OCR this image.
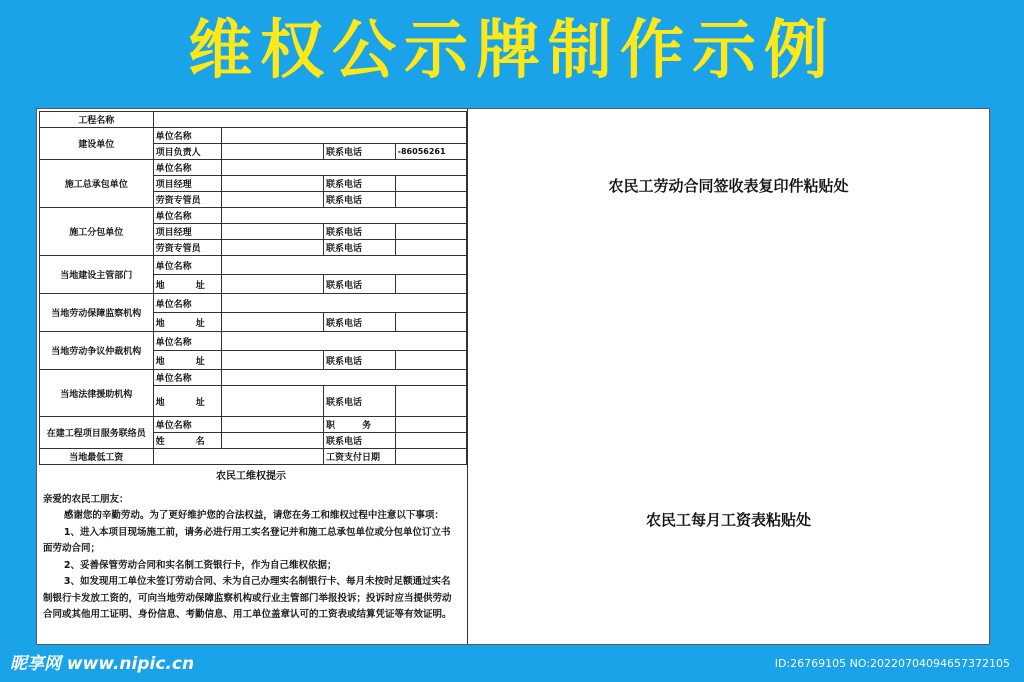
维权公示牌制作示例
工程名称				
建设单位	单位名称			
	项目负责人		联系电话	-86056261
施工总承包单位	单位名称			
	项目经理		联系电话	
	劳资专管员		联系电话	
施工分包单位	单位名称			
	项目经理		联系电话	
	劳资专管员		联系电话	
当地建设主管部门	单位名称			
	地 址		联系电话	
当地劳动保障监察机构	单位名称			
	地 址		联系电话	
当地劳动争议仲裁机构	单位名称			
	地 址		联系电话	
当地法律援助机构	单位名称			
	地 址		联系电话	
在建工程项目服务联络员	单位名称		职 务	
	姓 名		联系电话	
当地最低工资			工资支付日期	
农民工维权提示

亲爱的农民工朋友：

感谢您的辛勤劳动。为了更好维护您的合法权益，请您在务工和维权过程中注意以下事项：

1、进入本项目现场施工前，请务必进行用工实名登记并和施工总承包单位或分包单位订立书面劳动合同；

2、妥善保管劳动合同和实名制工资银行卡，作为自己维权依据；

3、如发现用工单位未签订劳动合同、未为自己办理实名制银行卡、每月未按时足额通过实名制银行卡发放工资的，可向当地劳动保障监察机构或行业主管部门举报投诉；投诉时应当提供劳动合同或其他用工证明、身份信息、考勤信息、用工单位盖章认可的工资表或结算凭证等有效证明。

农民工劳动合同签收表复印件粘贴处
农民工每月工资表粘贴处
昵享网 www.nipic.cn	ID:26769105 NO:20220704094657372105
